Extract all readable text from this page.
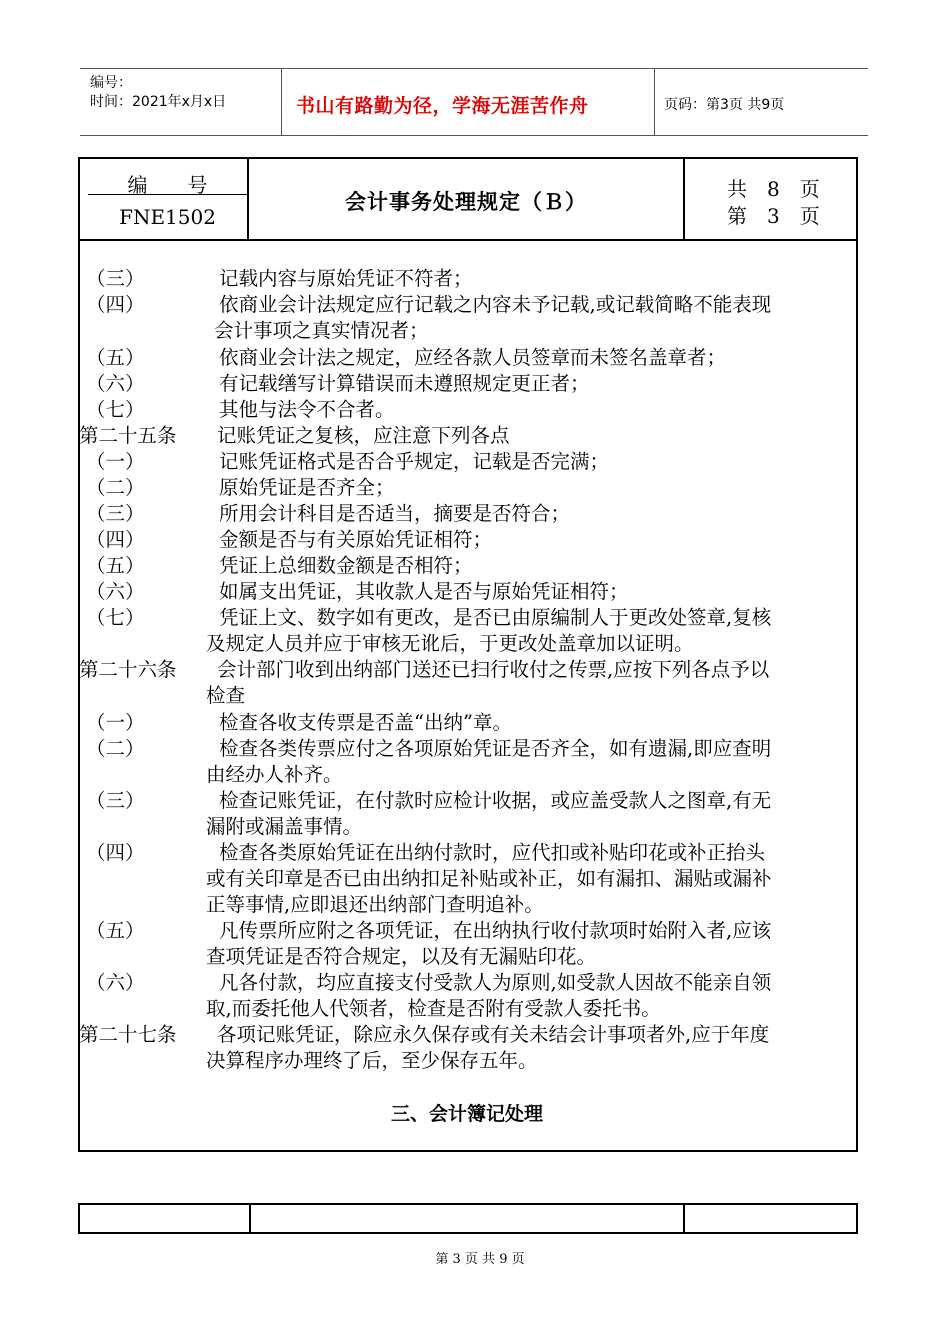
编号：
时间：2021年x月x日	书山有路勤为径，学海无涯苦作舟	页码：第3页 共9页
编　　号
FNE1502
会计事务处理规定（Ｂ）
共　8　页
第　3　页
（三）	记载内容与原始凭证不符者；
（四）	依商业会计法规定应行记载之内容未予记载,或记载简略不能表现
会计事项之真实情况者；
（五）	依商业会计法之规定，应经各款人员签章而未签名盖章者；
（六）	有记载缮写计算错误而未遵照规定更正者；
（七）	其他与法令不合者。
第二十五条 记账凭证之复核，应注意下列各点
（一）	记账凭证格式是否合乎规定，记载是否完满；
（二）	原始凭证是否齐全；
（三）	所用会计科目是否适当，摘要是否符合；
（四）	金额是否与有关原始凭证相符；
（五）	凭证上总细数金额是否相符；
（六）	如属支出凭证，其收款人是否与原始凭证相符；
（七）	凭证上文、数字如有更改，是否已由原编制人于更改处签章,复核
及规定人员并应于审核无讹后，于更改处盖章加以证明。
第二十六条 会计部门收到出纳部门送还已扫行收付之传票,应按下列各点予以
检查
（一）	检查各收支传票是否盖“出纳”章。
（二）	检查各类传票应付之各项原始凭证是否齐全，如有遗漏,即应查明
由经办人补齐。
（三）	检查记账凭证，在付款时应检计收据，或应盖受款人之图章,有无
漏附或漏盖事情。
（四）	检查各类原始凭证在出纳付款时，应代扣或补贴印花或补正抬头
或有关印章是否已由出纳扣足补贴或补正，如有漏扣、漏贴或漏补
正等事情,应即退还出纳部门查明追补。
（五）	凡传票所应附之各项凭证，在出纳执行收付款项时始附入者,应该
查项凭证是否符合规定，以及有无漏贴印花。
（六）	凡各付款，均应直接支付受款人为原则,如受款人因故不能亲自领
取,而委托他人代领者，检查是否附有受款人委托书。
第二十七条 各项记账凭证，除应永久保存或有关未结会计事项者外,应于年度
决算程序办理终了后，至少保存五年。
三、会计簿记处理
第 3 页 共 9 页
